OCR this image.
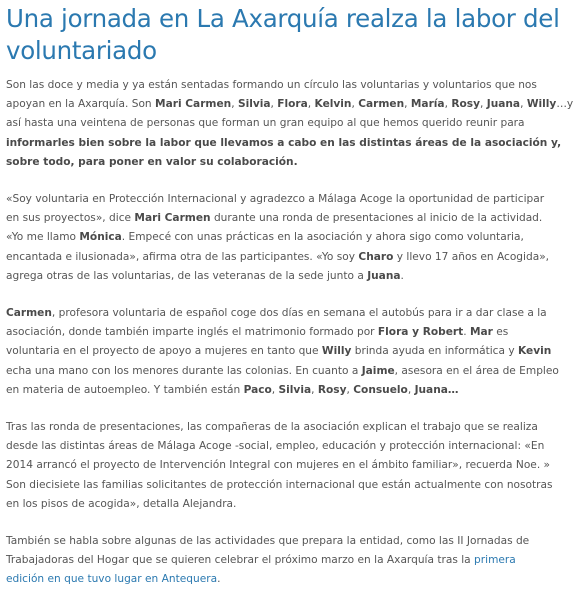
Una jornada en La Axarquía realza la labor del
voluntariado
Son las doce y media y ya están sentadas formando un círculo las voluntarias y voluntarios que nos
apoyan en la Axarquía. Son Mari Carmen, Silvia, Flora, Kelvin, Carmen, María, Rosy, Juana, Willy…y
así hasta una veintena de personas que forman un gran equipo al que hemos querido reunir para
informarles bien sobre la labor que llevamos a cabo en las distintas áreas de la asociación y,
sobre todo, para poner en valor su colaboración.
«Soy voluntaria en Protección Internacional y agradezco a Málaga Acoge la oportunidad de participar
en sus proyectos», dice Mari Carmen durante una ronda de presentaciones al inicio de la actividad.
«Yo me llamo Mónica. Empecé con unas prácticas en la asociación y ahora sigo como voluntaria,
encantada e ilusionada», afirma otra de las participantes. «Yo soy Charo y llevo 17 años en Acogida»,
agrega otras de las voluntarias, de las veteranas de la sede junto a Juana.
Carmen, profesora voluntaria de español coge dos días en semana el autobús para ir a dar clase a la
asociación, donde también imparte inglés el matrimonio formado por Flora y Robert. Mar es
voluntaria en el proyecto de apoyo a mujeres en tanto que Willy brinda ayuda en informática y Kevin
echa una mano con los menores durante las colonias. En cuanto a Jaime, asesora en el área de Empleo
en materia de autoempleo. Y también están Paco, Silvia, Rosy, Consuelo, Juana…
Tras las ronda de presentaciones, las compañeras de la asociación explican el trabajo que se realiza
desde las distintas áreas de Málaga Acoge -social, empleo, educación y protección internacional: «En
2014 arrancó el proyecto de Intervención Integral con mujeres en el ámbito familiar», recuerda Noe. »
Son diecisiete las familias solicitantes de protección internacional que están actualmente con nosotras
en los pisos de acogida», detalla Alejandra.
También se habla sobre algunas de las actividades que prepara la entidad, como las II Jornadas de
Trabajadoras del Hogar que se quieren celebrar el próximo marzo en la Axarquía tras la primera
edición en que tuvo lugar en Antequera.
